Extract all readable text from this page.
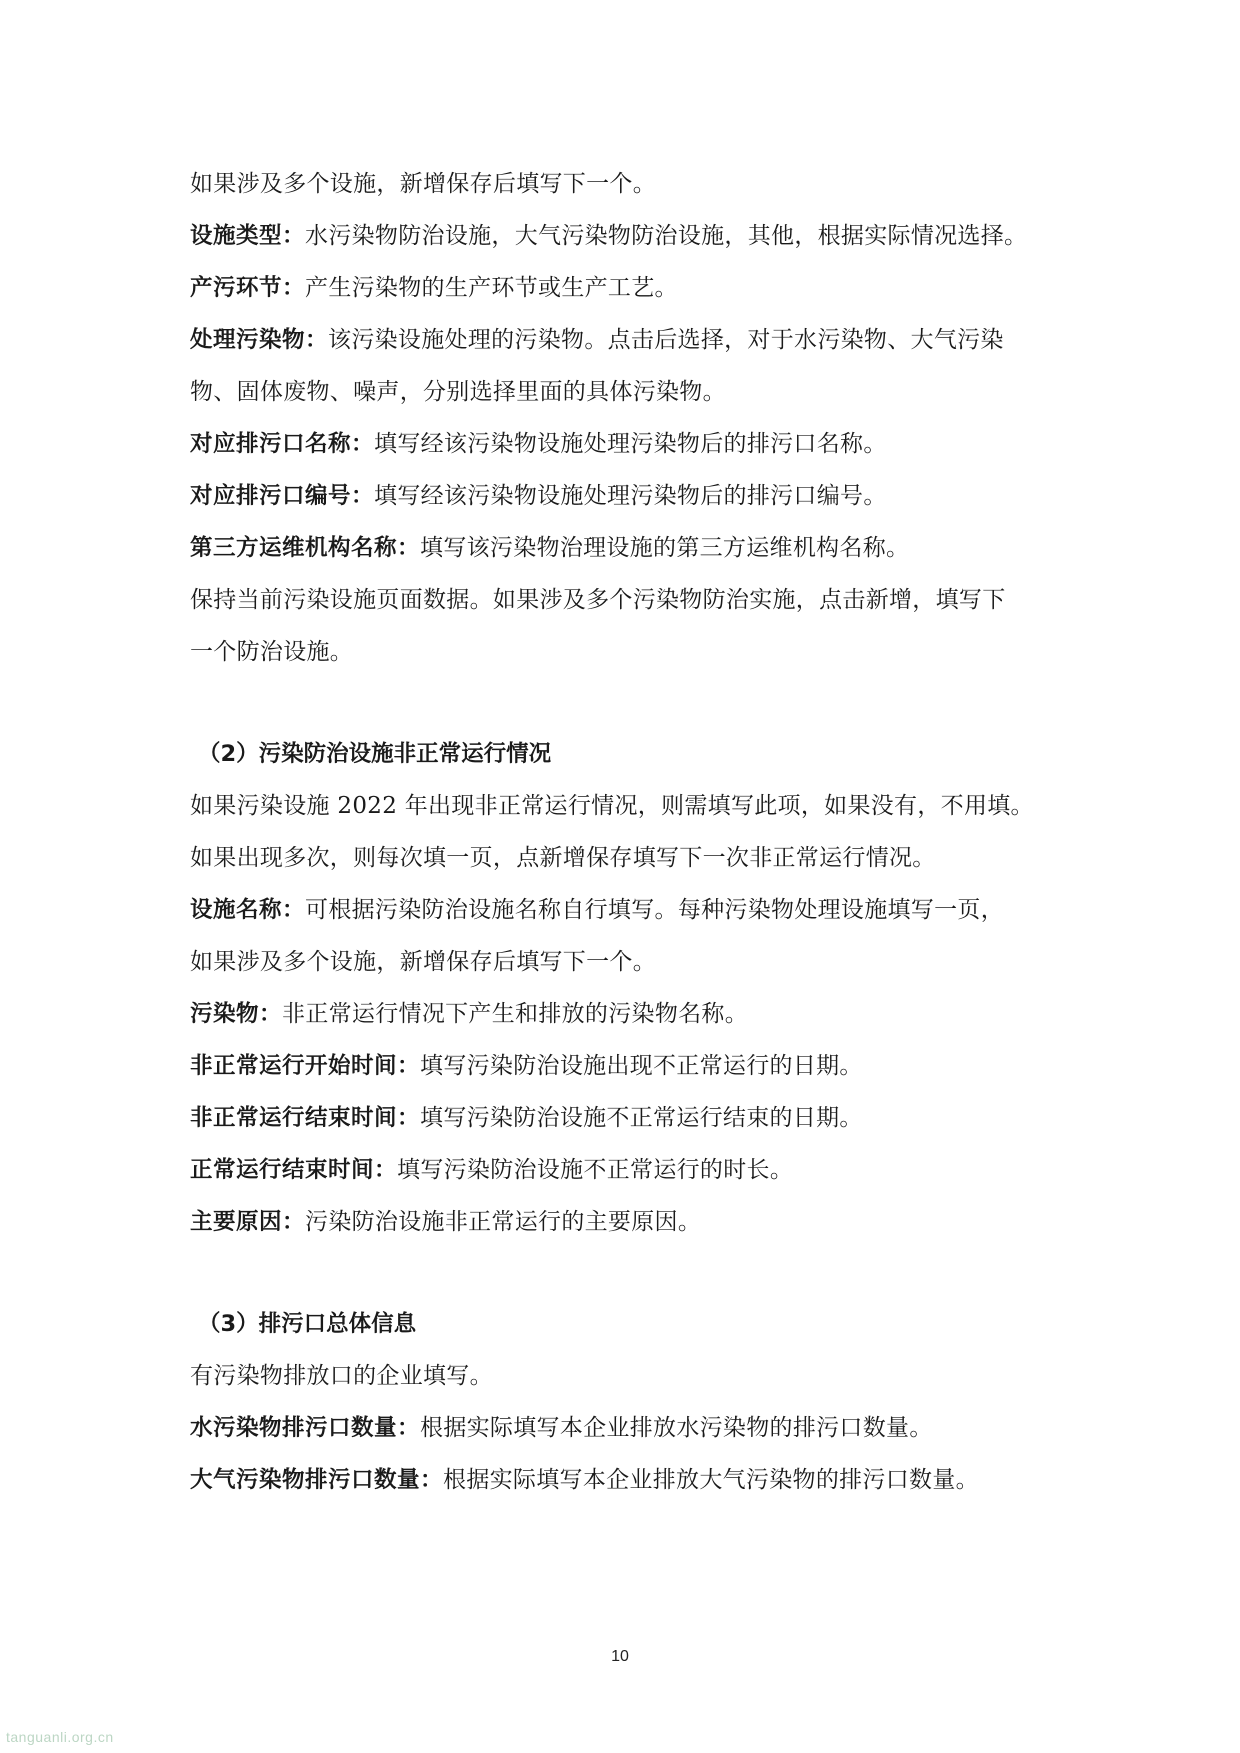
如果涉及多个设施，新增保存后填写下一个。
设施类型：水污染物防治设施，大气污染物防治设施，其他，根据实际情况选择。
产污环节：产生污染物的生产环节或生产工艺。
处理污染物：该污染设施处理的污染物。点击后选择，对于水污染物、大气污染
物、固体废物、噪声，分别选择里面的具体污染物。
对应排污口名称：填写经该污染物设施处理污染物后的排污口名称。
对应排污口编号：填写经该污染物设施处理污染物后的排污口编号。
第三方运维机构名称：填写该污染物治理设施的第三方运维机构名称。
保持当前污染设施页面数据。如果涉及多个污染物防治实施，点击新增，填写下
一个防治设施。
（2）污染防治设施非正常运行情况
如果污染设施 2022 年出现非正常运行情况，则需填写此项，如果没有，不用填。
如果出现多次，则每次填一页，点新增保存填写下一次非正常运行情况。
设施名称：可根据污染防治设施名称自行填写。每种污染物处理设施填写一页，
如果涉及多个设施，新增保存后填写下一个。
污染物：非正常运行情况下产生和排放的污染物名称。
非正常运行开始时间：填写污染防治设施出现不正常运行的日期。
非正常运行结束时间：填写污染防治设施不正常运行结束的日期。
正常运行结束时间：填写污染防治设施不正常运行的时长。
主要原因：污染防治设施非正常运行的主要原因。
（3）排污口总体信息
有污染物排放口的企业填写。
水污染物排污口数量：根据实际填写本企业排放水污染物的排污口数量。
大气污染物排污口数量：根据实际填写本企业排放大气污染物的排污口数量。
10
tanguanli.org.cn
